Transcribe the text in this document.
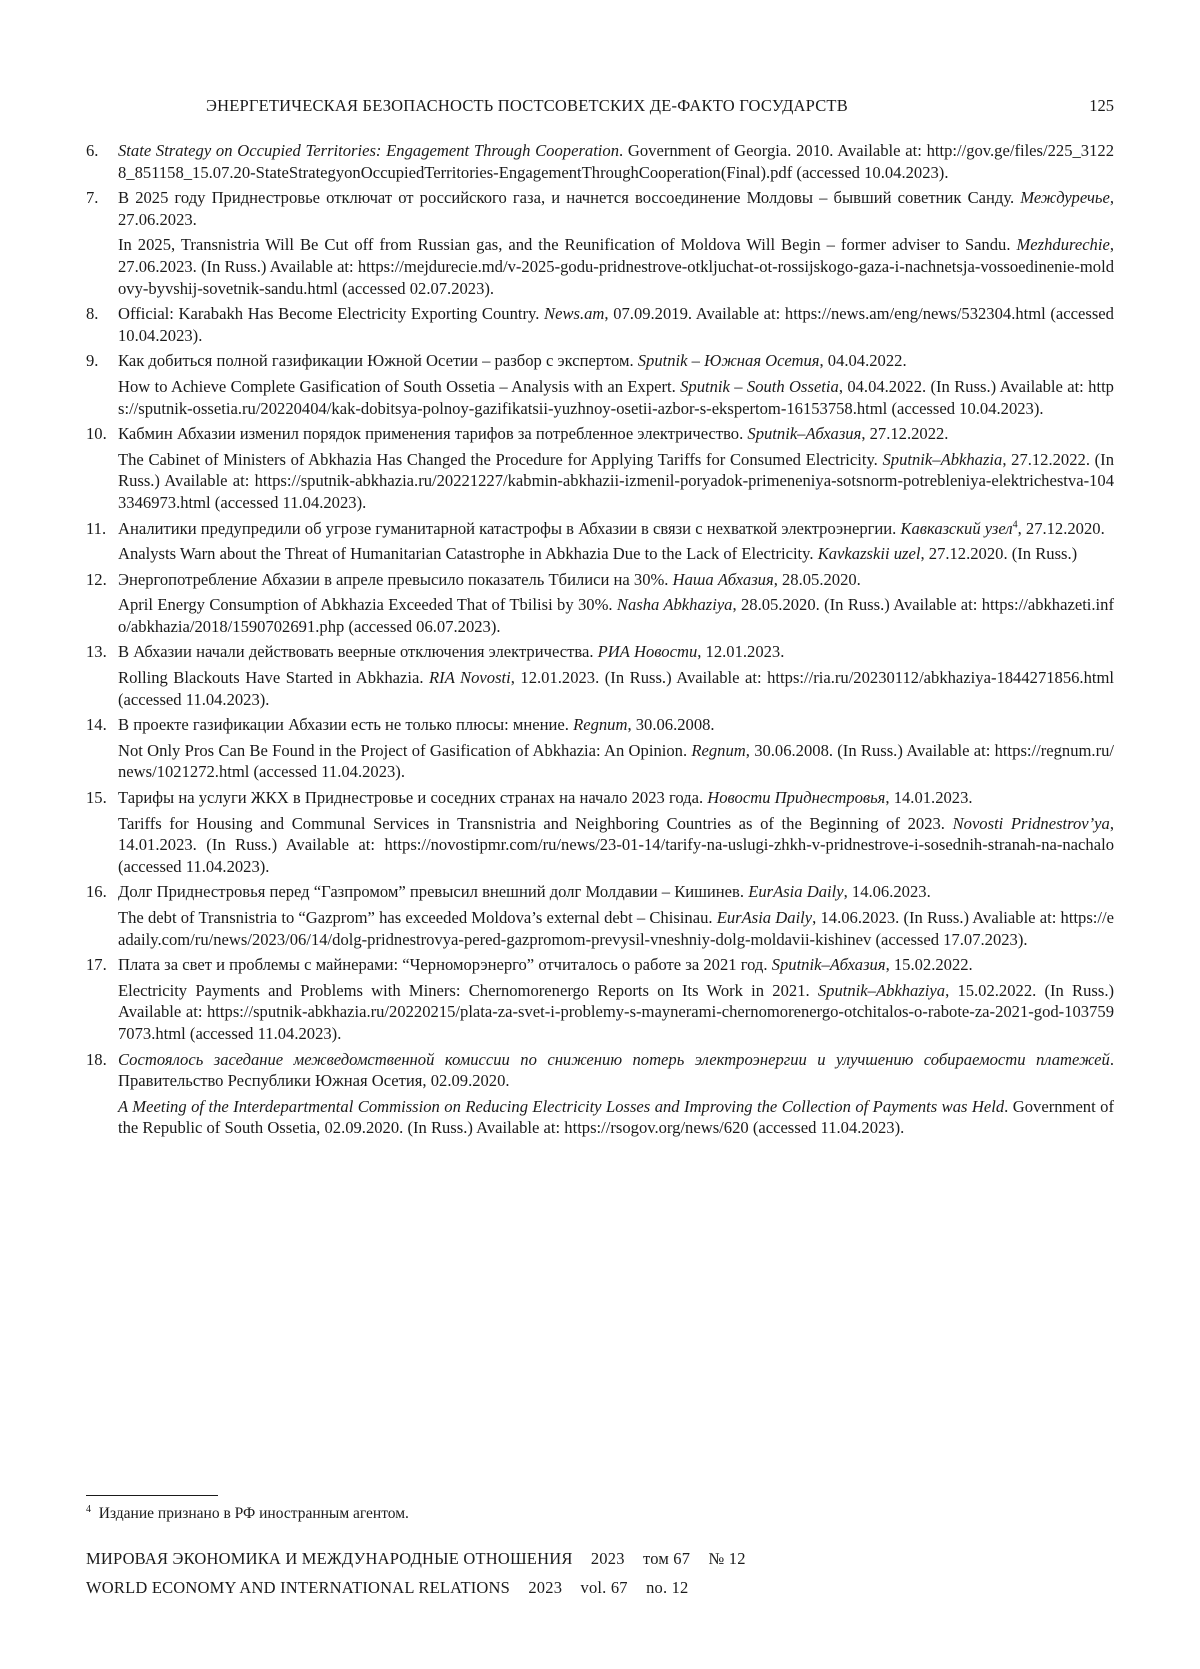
ЭНЕРГЕТИЧЕСКАЯ БЕЗОПАСНОСТЬ ПОСТСОВЕТСКИХ ДЕ-ФАКТО ГОСУДАРСТВ	125
6.	State Strategy on Occupied Territories: Engagement Through Cooperation. Government of Georgia. 2010. Available at: http://gov.ge/files/225_31228_851158_15.07.20-StateStrategyonOccupiedTerritories-EngagementThroughCooperation(Final).pdf (accessed 10.04.2023).

7.	В 2025 году Приднестровье отключат от российского газа, и начнется воссоединение Молдовы – бывший советник Санду. Междуречье, 27.06.2023.

In 2025, Transnistria Will Be Cut off from Russian gas, and the Reunification of Moldova Will Begin – former adviser to Sandu. Mezhdurechie, 27.06.2023. (In Russ.) Available at: https://mejdurecie.md/v-2025-godu-pridnestrove-otkljuchat-ot-rossijskogo-gaza-i-nachnetsja-vossoedinenie-moldovy-byvshij-sovetnik-sandu.html (accessed 02.07.2023).

8.	Official: Karabakh Has Become Electricity Exporting Country. News.am, 07.09.2019. Available at: https://news.am/eng/news/532304.html (accessed 10.04.2023).

9.	Как добиться полной газификации Южной Осетии – разбор с экспертом. Sputnik – Южная Осетия, 04.04.2022.

How to Achieve Complete Gasification of South Ossetia – Analysis with an Expert. Sputnik – South Ossetia, 04.04.2022. (In Russ.) Available at: https://sputnik-ossetia.ru/20220404/kak-dobitsya-polnoy-gazifikatsii-yuzhnoy-osetii-azbor-s-ekspertom-16153758.html (accessed 10.04.2023).

10. Кабмин Абхазии изменил порядок применения тарифов за потребленное электричество. Sputnik–Абхазия, 27.12.2022.

The Cabinet of Ministers of Abkhazia Has Changed the Procedure for Applying Tariffs for Consumed Electricity. Sputnik–Abkhazia, 27.12.2022. (In Russ.) Available at: https://sputnik-abkhazia.ru/20221227/kabmin-abkhazii-izmenil-poryadok-primeneniya-sotsnorm-potrebleniya-elektrichestva-1043346973.html (accessed 11.04.2023).

11. Аналитики предупредили об угрозе гуманитарной катастрофы в Абхазии в связи с нехваткой электроэнергии. Кавказский узел$^4$, 27.12.2020.

Analysts Warn about the Threat of Humanitarian Catastrophe in Abkhazia Due to the Lack of Electricity. Kavkazskii uzel, 27.12.2020. (In Russ.)

12. Энергопотребление Абхазии в апреле превысило показатель Тбилиси на 30%. Наша Абхазия, 28.05.2020.

April Energy Consumption of Abkhazia Exceeded That of Tbilisi by 30%. Nasha Abkhaziya, 28.05.2020. (In Russ.) Available at: https://abkhazeti.info/abkhazia/2018/1590702691.php (accessed 06.07.2023).

13. В Абхазии начали действовать веерные отключения электричества. РИА Новости, 12.01.2023.

Rolling Blackouts Have Started in Abkhazia. RIA Novosti, 12.01.2023. (In Russ.) Available at: https://ria.ru/20230112/abkhaziya-1844271856.html (accessed 11.04.2023).

14. В проекте газификации Абхазии есть не только плюсы: мнение. Regnum, 30.06.2008.

Not Only Pros Can Be Found in the Project of Gasification of Abkhazia: An Opinion. Regnum, 30.06.2008. (In Russ.) Available at: https://regnum.ru/news/1021272.html (accessed 11.04.2023).

15. Тарифы на услуги ЖКХ в Приднестровье и соседних странах на начало 2023 года. Новости Приднестровья, 14.01.2023.

Tariffs for Housing and Communal Services in Transnistria and Neighboring Countries as of the Beginning of 2023. Novosti Pridnestrov’ya, 14.01.2023. (In Russ.) Available at: https://novostipmr.com/ru/news/23-01-14/tarify-na-uslugi-zhkh-v-pridnestrove-i-sosednih-stranah-na-nachalo (accessed 11.04.2023).

16. Долг Приднестровья перед “Газпромом” превысил внешний долг Молдавии – Кишинев. EurAsia Daily, 14.06.2023.

The debt of Transnistria to “Gazprom” has exceeded Moldova’s external debt – Chisinau. EurAsia Daily, 14.06.2023. (In Russ.) Avaliable at: https://eadaily.com/ru/news/2023/06/14/dolg-pridnestrovya-pered-gazpromom-prevysil-vneshniy-dolg-moldavii-kishinev (accessed 17.07.2023).

17. Плата за свет и проблемы с майнерами: “Черноморэнерго” отчиталось о работе за 2021 год. Sputnik–Абхазия, 15.02.2022.

Electricity Payments and Problems with Miners: Chernomorenergo Reports on Its Work in 2021. Sputnik–Abkhaziya, 15.02.2022. (In Russ.) Available at: https://sputnik-abkhazia.ru/20220215/plata-za-svet-i-problemy-s-maynerami-chernomorenergo-otchitalos-o-rabote-za-2021-god-1037597073.html (accessed 11.04.2023).

18. Состоялось заседание межведомственной комиссии по снижению потерь электроэнергии и улучшению собираемости платежей. Правительство Республики Южная Осетия, 02.09.2020.

A Meeting of the Interdepartmental Commission on Reducing Electricity Losses and Improving the Collection of Payments was Held. Government of the Republic of South Ossetia, 02.09.2020. (In Russ.) Available at: https://rsogov.org/news/620 (accessed 11.04.2023).

$^4$ Издание признано в РФ иностранным агентом.
МИРОВАЯ ЭКОНОМИКА И МЕЖДУНАРОДНЫЕ ОТНОШЕНИЯ 2023 том 67 № 12
WORLD ECONOMY AND INTERNATIONAL RELATIONS 2023 vol. 67 no. 12
